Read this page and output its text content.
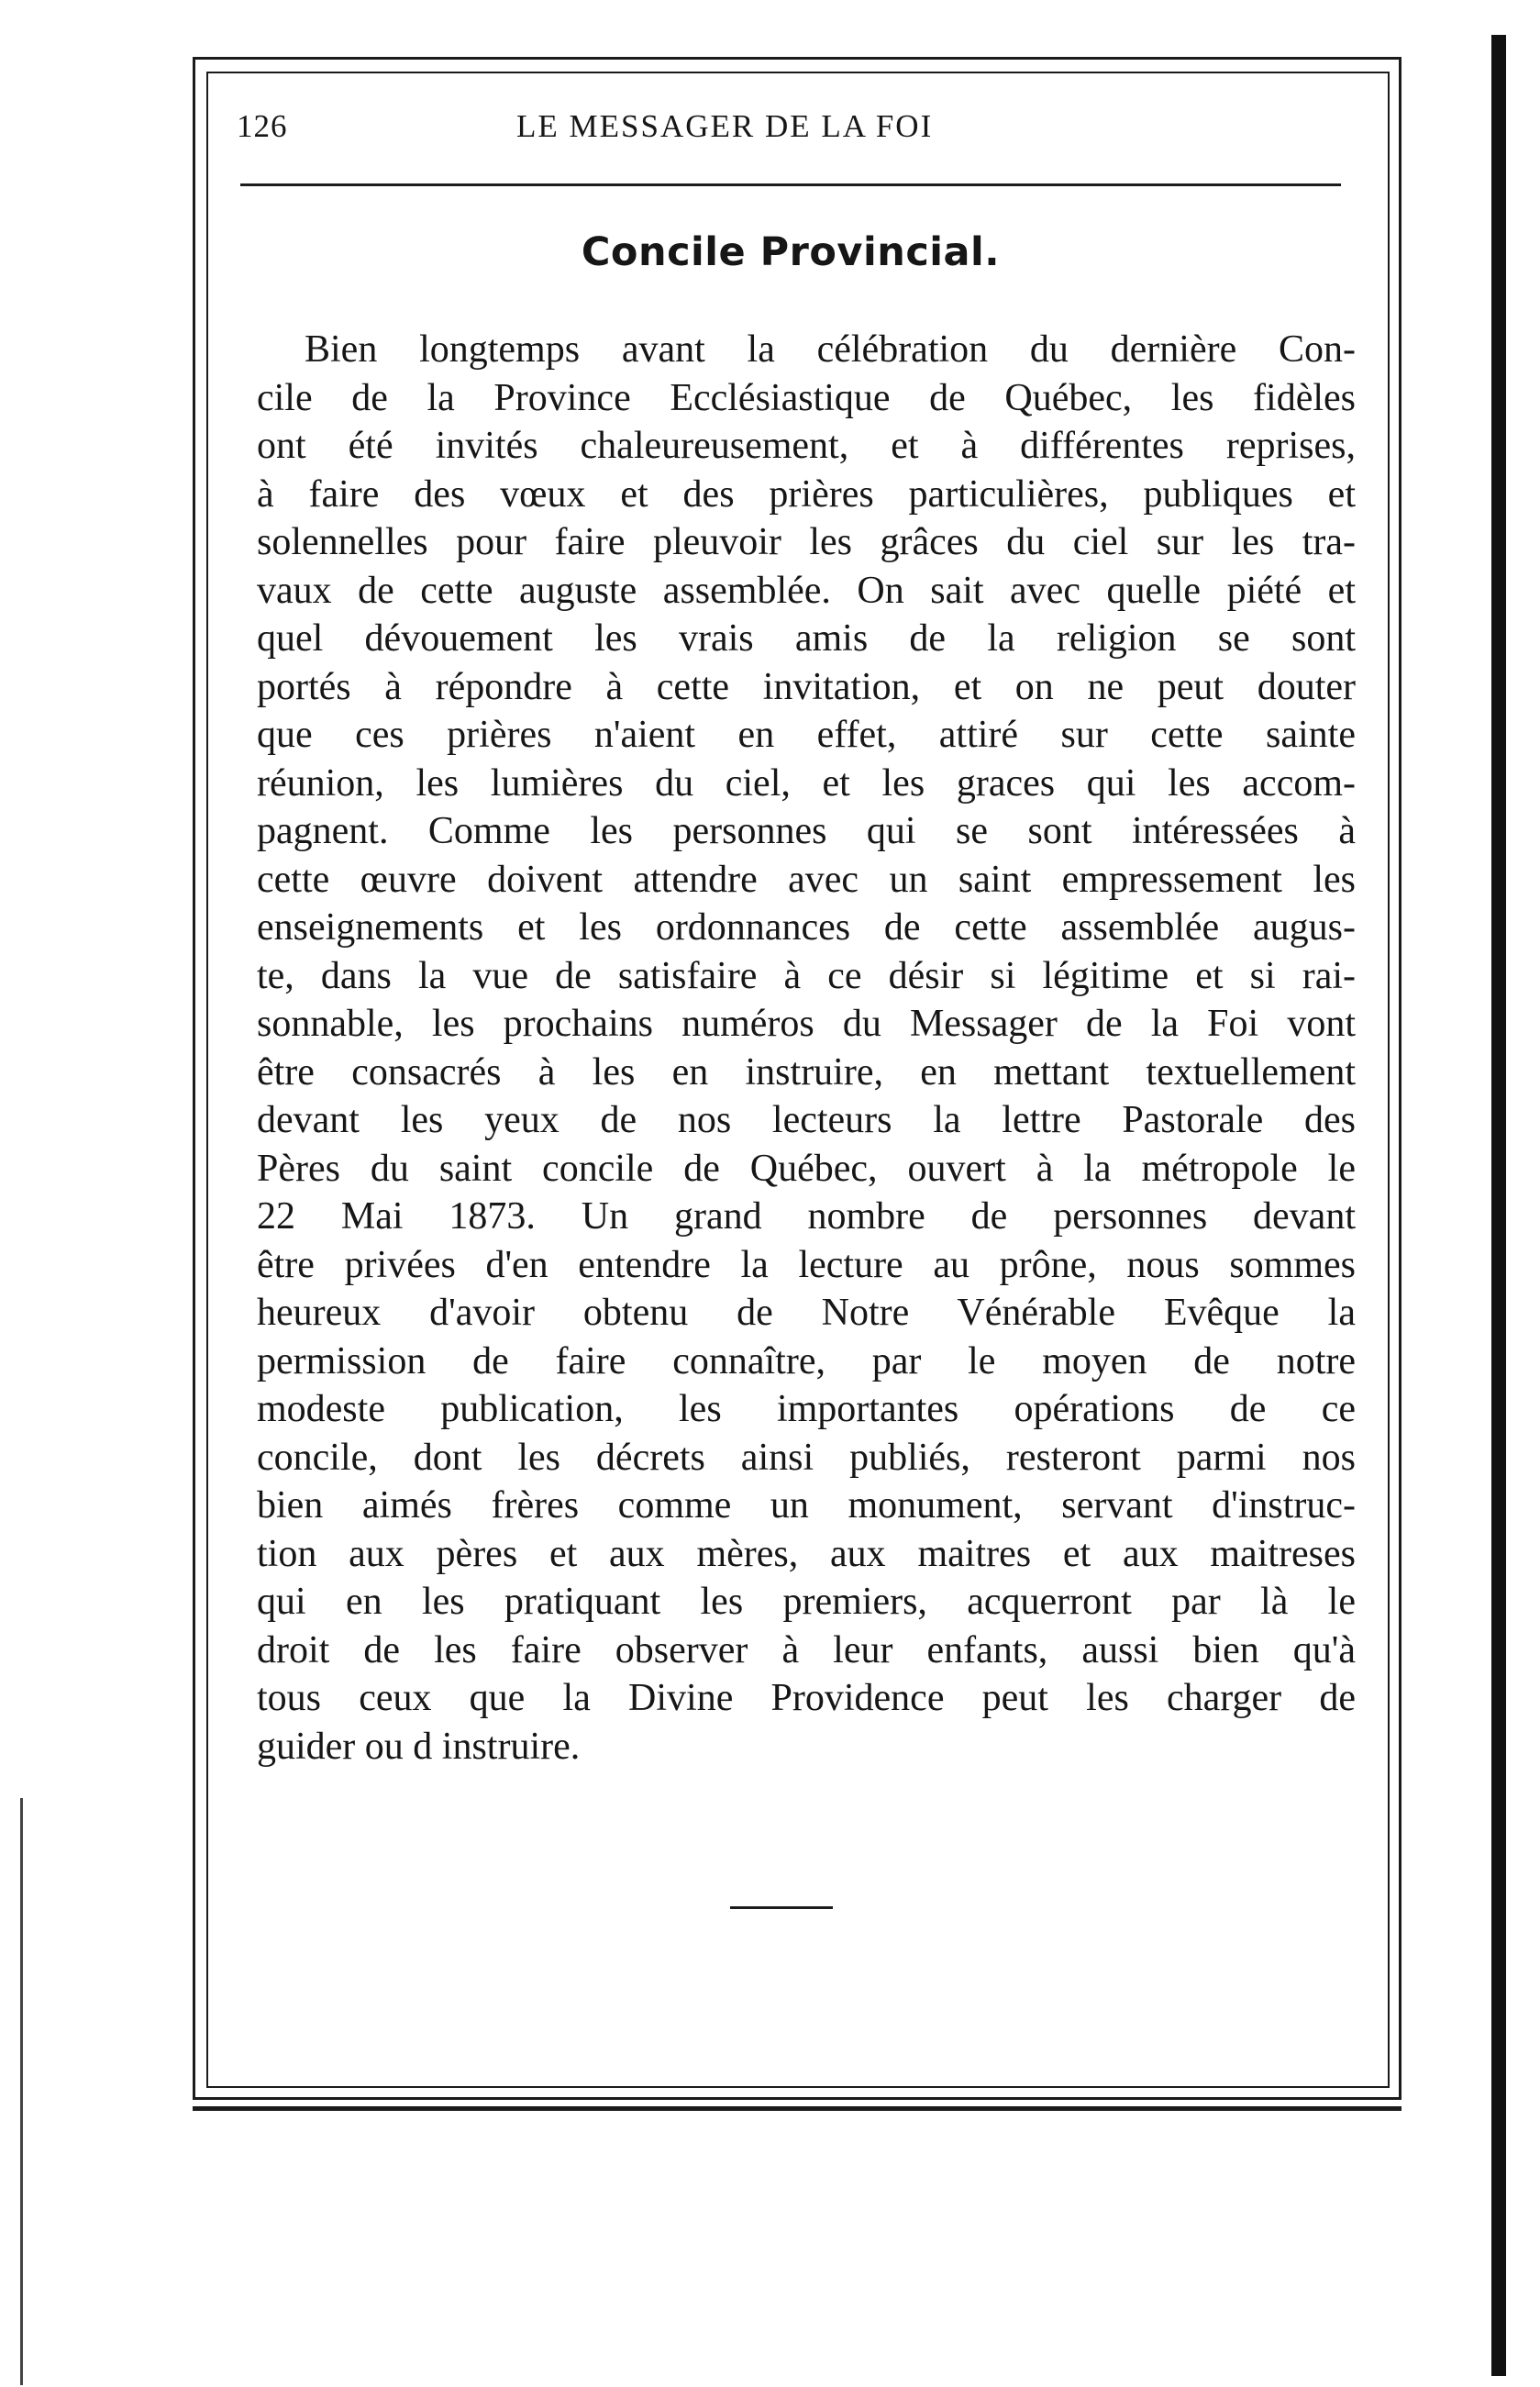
126	LE MESSAGER DE LA FOI
Concile Provincial.
Bien longtemps avant la célébration du dernière Con-
cile de la Province Ecclésiastique de Québec, les fidèles
ont été invités chaleureusement, et à différentes reprises,
à faire des vœux et des prières particulières, publiques et
solennelles pour faire pleuvoir les grâces du ciel sur les tra-
vaux de cette auguste assemblée. On sait avec quelle piété et
quel dévouement les vrais amis de la religion se sont
portés à répondre à cette invitation, et on ne peut douter
que ces prières n'aient en effet, attiré sur cette sainte
réunion, les lumières du ciel, et les graces qui les accom-
pagnent. Comme les personnes qui se sont intéressées à
cette œuvre doivent attendre avec un saint empressement les
enseignements et les ordonnances de cette assemblée augus-
te, dans la vue de satisfaire à ce désir si légitime et si rai-
sonnable, les prochains numéros du Messager de la Foi vont
être consacrés à les en instruire, en mettant textuellement
devant les yeux de nos lecteurs la lettre Pastorale des
Pères du saint concile de Québec, ouvert à la métropole le
22 Mai 1873. Un grand nombre de personnes devant
être privées d'en entendre la lecture au prône, nous sommes
heureux d'avoir obtenu de Notre Vénérable Evêque la
permission de faire connaître, par le moyen de notre
modeste publication, les importantes opérations de ce
concile, dont les décrets ainsi publiés, resteront parmi nos
bien aimés frères comme un monument, servant d'instruc-
tion aux pères et aux mères, aux maitres et aux maitreses
qui en les pratiquant les premiers, acquerront par là le
droit de les faire observer à leur enfants, aussi bien qu'à
tous ceux que la Divine Providence peut les charger de
guider ou d instruire.
